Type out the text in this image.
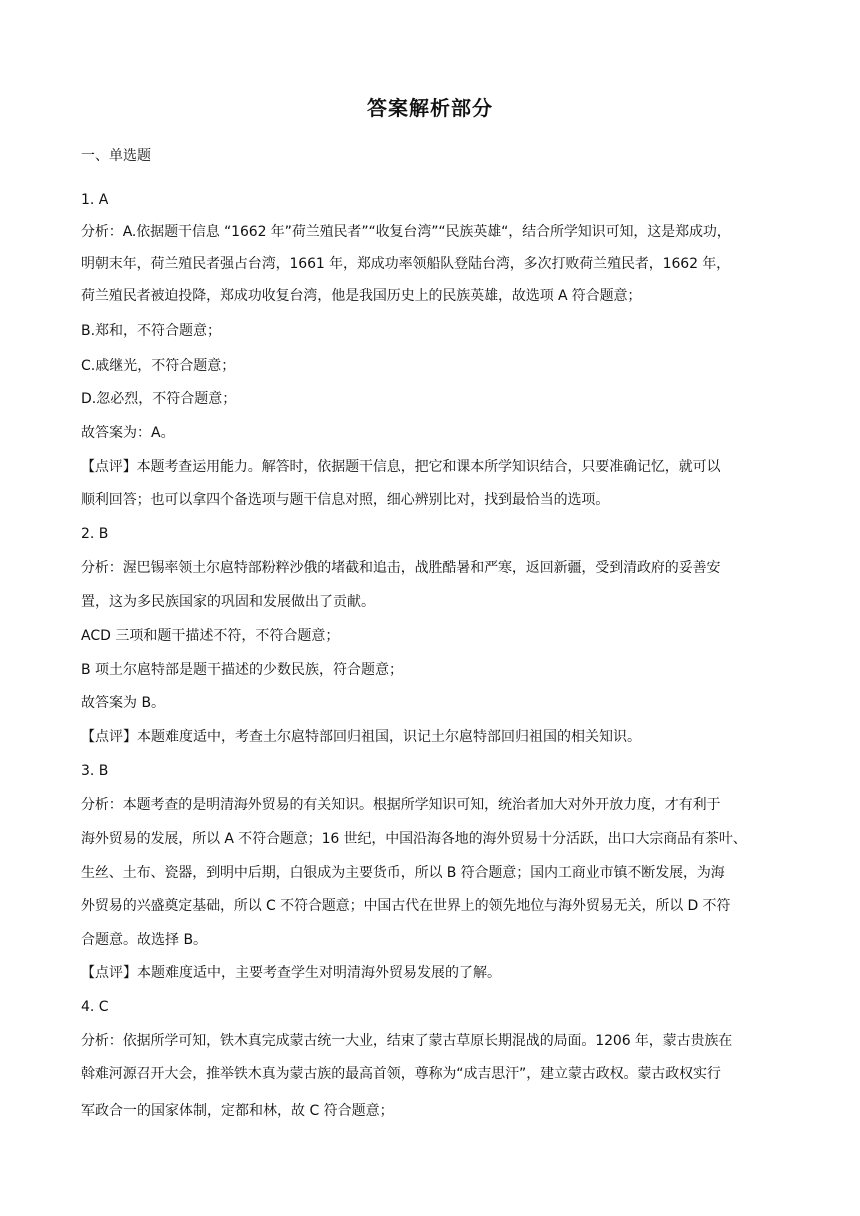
答案解析部分
一、单选题
1. A
分析：A.依据题干信息 “1662 年”荷兰殖民者”“收复台湾”“民族英雄“，结合所学知识可知，这是郑成功，
明朝末年，荷兰殖民者强占台湾，1661 年，郑成功率领船队登陆台湾，多次打败荷兰殖民者，1662 年，
荷兰殖民者被迫投降，郑成功收复台湾，他是我国历史上的民族英雄，故选项 A 符合题意；
B.郑和，不符合题意；
C.戚继光，不符合题意；
D.忽必烈，不符合题意；
故答案为：A。
【点评】本题考查运用能力。解答时，依据题干信息，把它和课本所学知识结合，只要准确记忆，就可以
顺利回答；也可以拿四个备选项与题干信息对照，细心辨别比对，找到最恰当的选项。
2. B
分析：渥巴锡率领土尔扈特部粉粹沙俄的堵截和追击，战胜酷暑和严寒，返回新疆，受到清政府的妥善安
置，这为多民族国家的巩固和发展做出了贡献。
ACD 三项和题干描述不符，不符合题意；
B 项土尔扈特部是题干描述的少数民族，符合题意；
故答案为 B。
【点评】本题难度适中，考查土尔扈特部回归祖国，识记土尔扈特部回归祖国的相关知识。
3. B
分析：本题考查的是明清海外贸易的有关知识。根据所学知识可知，统治者加大对外开放力度，才有利于
海外贸易的发展，所以 A 不符合题意；16 世纪，中国沿海各地的海外贸易十分活跃，出口大宗商品有茶叶、
生丝、土布、瓷器，到明中后期，白银成为主要货币，所以 B 符合题意；国内工商业市镇不断发展，为海
外贸易的兴盛奠定基础，所以 C 不符合题意；中国古代在世界上的领先地位与海外贸易无关，所以 D 不符
合题意。故选择 B。
【点评】本题难度适中，主要考查学生对明清海外贸易发展的了解。
4. C
分析：依据所学可知，铁木真完成蒙古统一大业，结束了蒙古草原长期混战的局面。1206 年，蒙古贵族在
斡难河源召开大会，推举铁木真为蒙古族的最高首领，尊称为“成吉思汗”，建立蒙古政权。蒙古政权实行
军政合一的国家体制，定都和林，故 C 符合题意；
